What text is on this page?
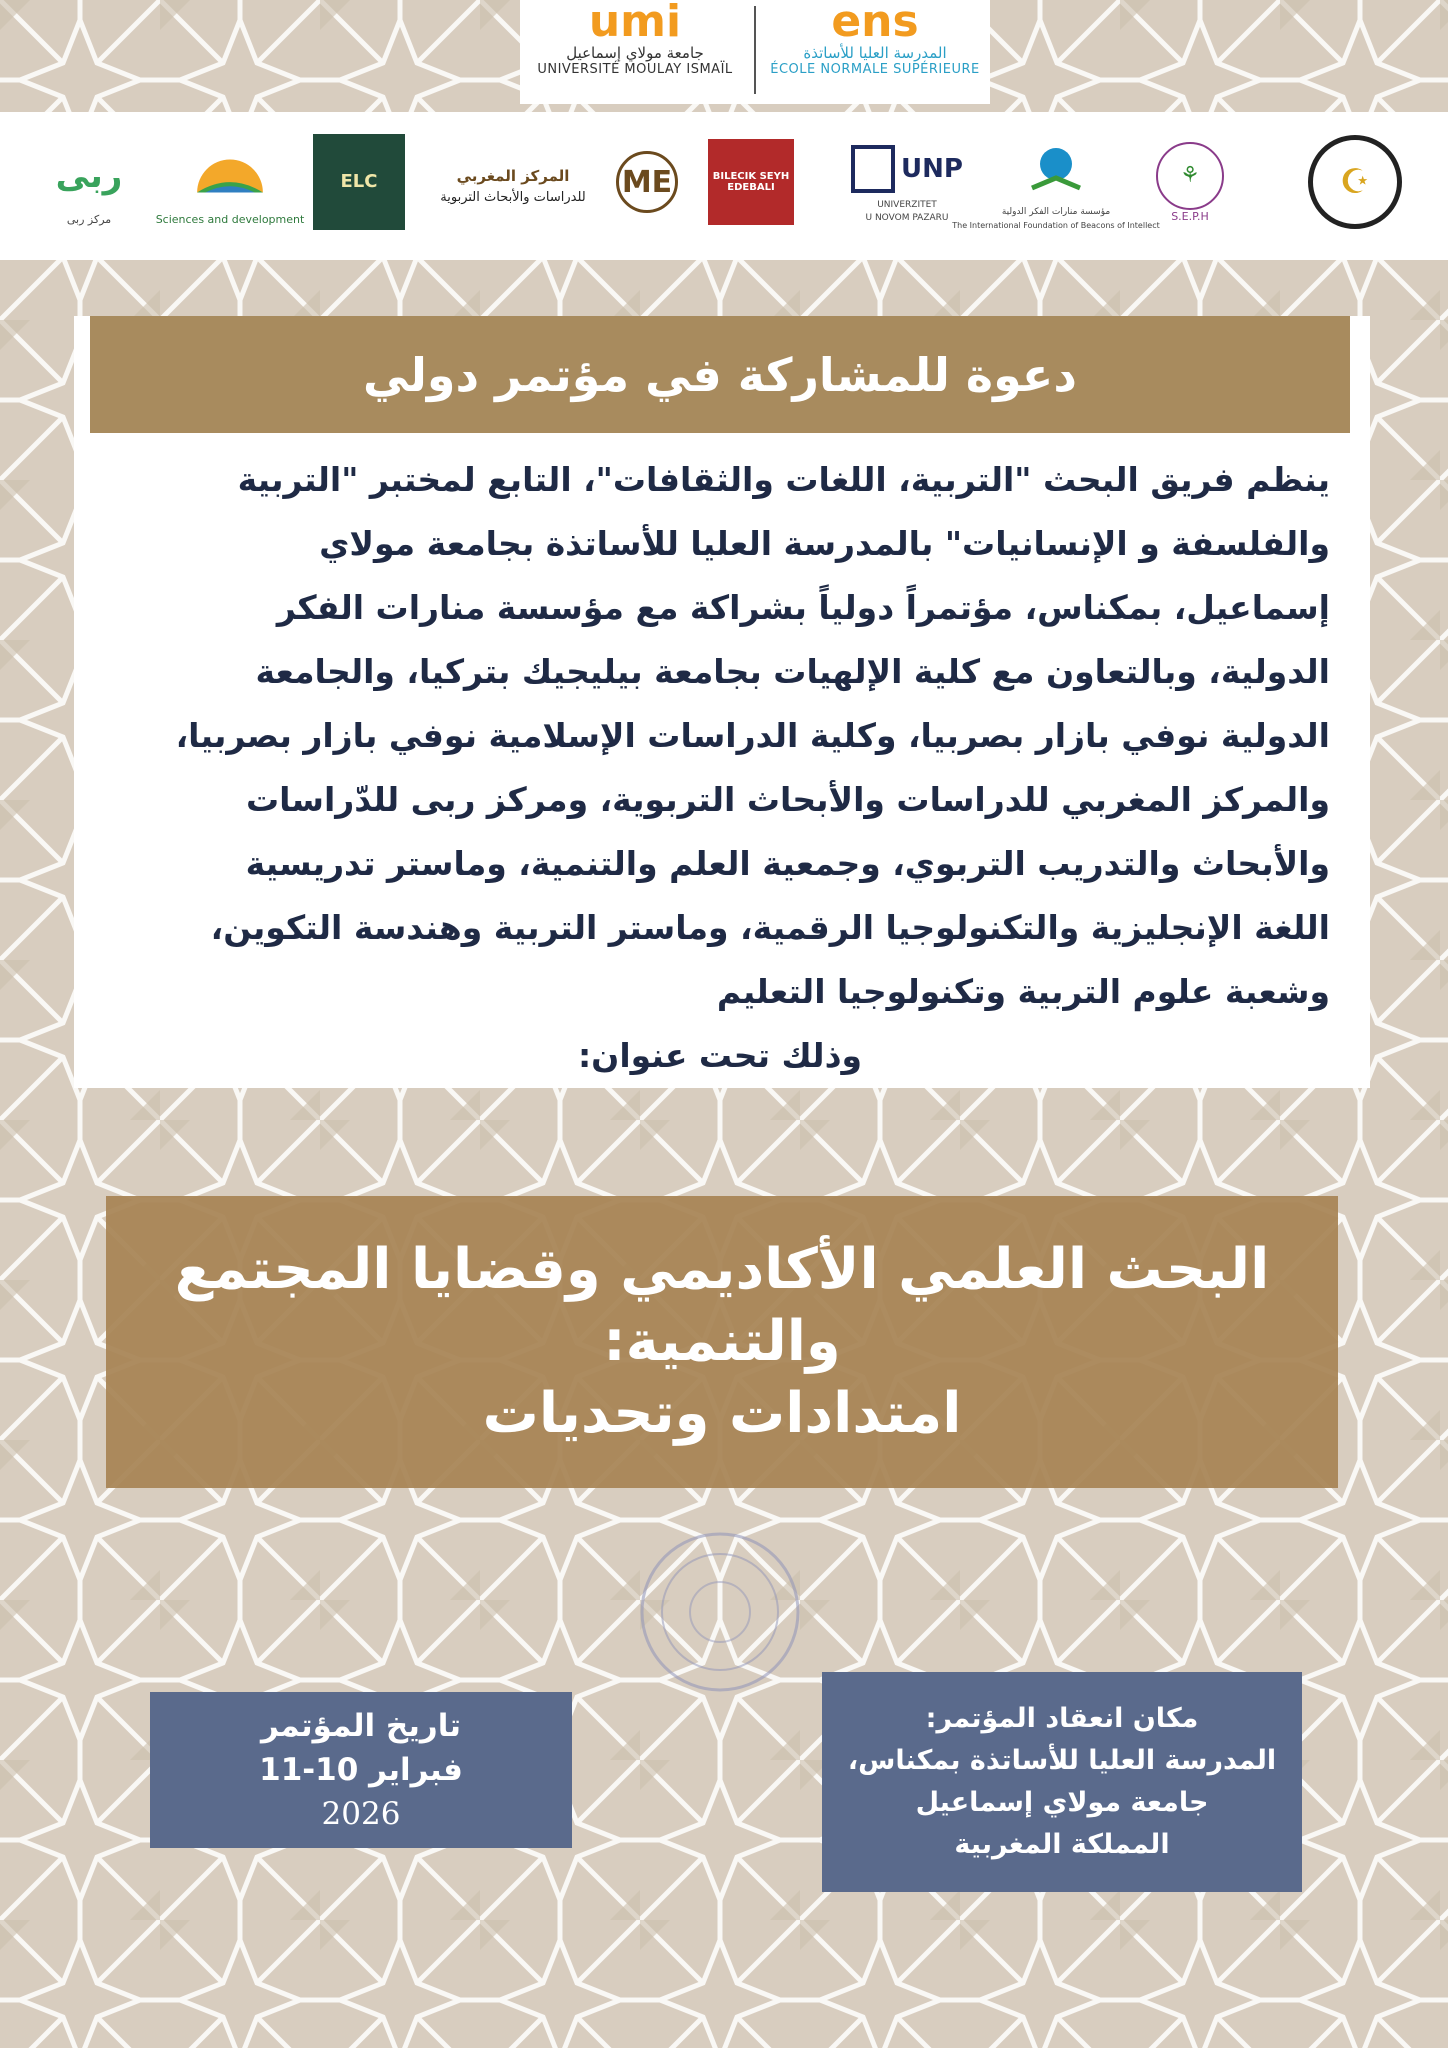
umi
جامعة مولاي إسماعيل
UNIVERSITÉ MOULAY ISMAÏL
ens
المدرسة العليا للأساتذة
ÉCOLE NORMALE SUPÉRIEURE
ربى
مركز ربى	Sciences and development
ELC	المركز المغربي
للدراسات والأبحاث التربوية ME	BILECIK SEYH EDEBALI
UNP
UNIVERZITET
U NOVOM PAZARU
مؤسسة منارات الفكر الدولية
The International Foundation of Beacons of Intellect
⚘
S.E.P.H
☪
دعوة للمشاركة في مؤتمر دولي
ينظم فريق البحث "التربية، اللغات والثقافات"، التابع لمختبر "التربية
والفلسفة و الإنسانيات" بالمدرسة العليا للأساتذة بجامعة مولاي
إسماعيل، بمكناس، مؤتمراً دولياً بشراكة مع مؤسسة منارات الفكر
الدولية، وبالتعاون مع كلية الإلهيات بجامعة بيليجيك بتركيا، والجامعة
الدولية نوفي بازار بصربيا، وكلية الدراسات الإسلامية نوفي بازار بصربيا،
والمركز المغربي للدراسات والأبحاث التربوية، ومركز ربى للدّراسات
والأبحاث والتدريب التربوي، وجمعية العلم والتنمية، وماستر تدريسية
اللغة الإنجليزية والتكنولوجيا الرقمية، وماستر التربية وهندسة التكوين،
وشعبة علوم التربية وتكنولوجيا التعليم
وذلك تحت عنوان:
البحث العلمي الأكاديمي وقضايا المجتمع
والتنمية:
امتدادات وتحديات
تاريخ المؤتمر
فبراير 10-11
2026
مكان انعقاد المؤتمر:
المدرسة العليا للأساتذة بمكناس،
جامعة مولاي إسماعيل
المملكة المغربية
